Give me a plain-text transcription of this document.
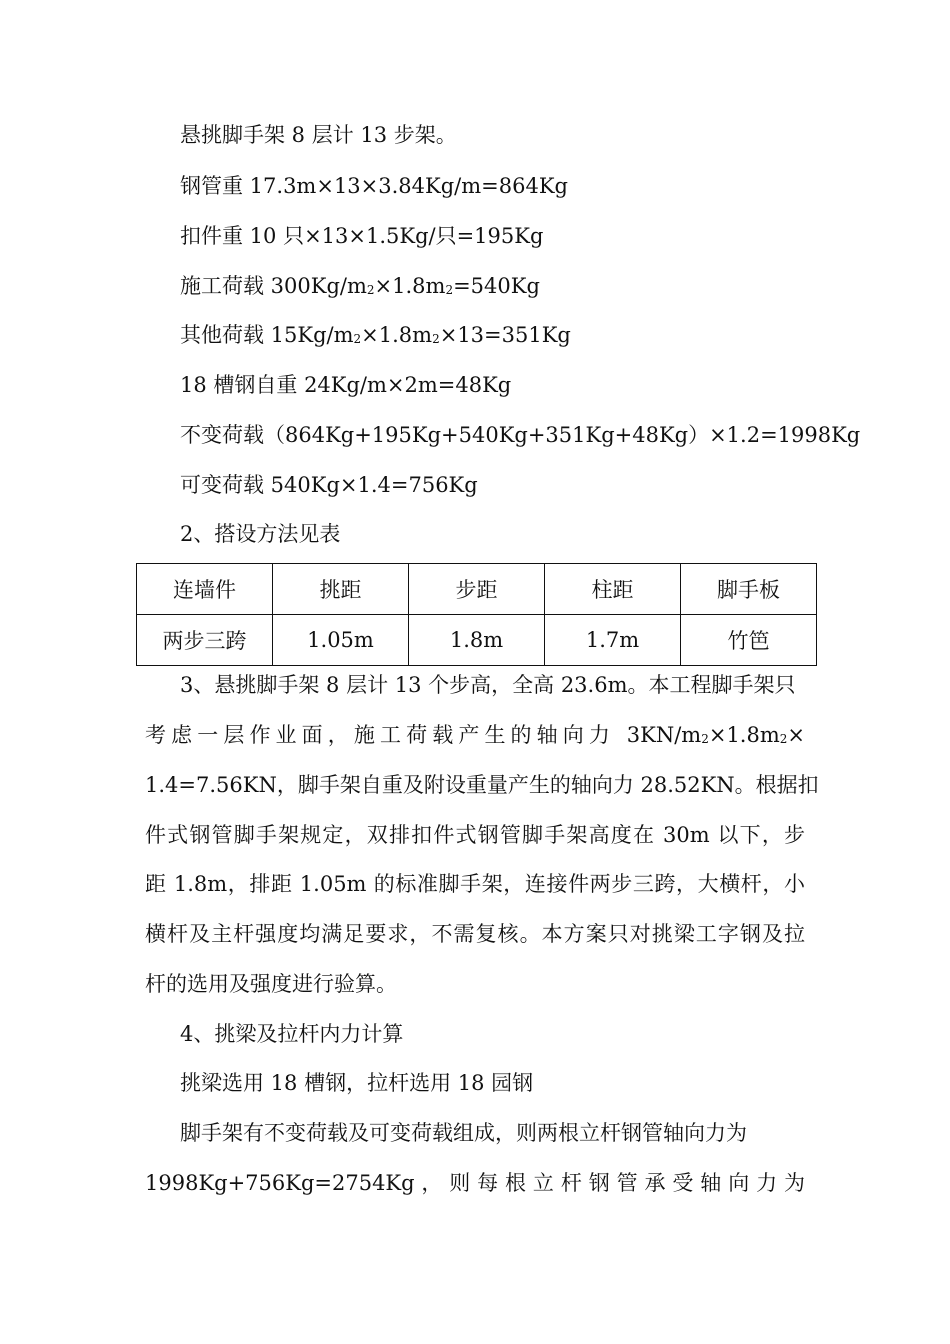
悬挑脚手架 8 层计 13 步架。
钢管重 17.3m×13×3.84Kg/m=864Kg
扣件重 10 只×13×1.5Kg/只=195Kg
施工荷载 $300Kg/m_2\times 1.8m_2=540Kg$
其他荷载 $15Kg/m_2\times 1.8m_2\times 13=351Kg$
18 槽钢自重 24Kg/m×2m=48Kg
不变荷载（864Kg+195Kg+540Kg+351Kg+48Kg）×1.2=1998Kg
可变荷载 540Kg×1.4=756Kg
2、搭设方法见表
连墙件	挑距	步距	柱距	脚手板
两步三跨	1.05m	1.8m	1.7m	竹笆
3、悬挑脚手架 8 层计 13 个步高，全高 23.6m。本工程脚手架只
考虑一层作业面，施工荷载产生的轴向力 $3KN/m_2\times 1.8m_2\times$
1.4=7.56KN，脚手架自重及附设重量产生的轴向力 28.52KN。根据扣
件式钢管脚手架规定，双排扣件式钢管脚手架高度在 30m 以下，步
距 1.8m，排距 1.05m 的标准脚手架，连接件两步三跨，大横杆，小
横杆及主杆强度均满足要求，不需复核。本方案只对挑梁工字钢及拉
杆的选用及强度进行验算。
4、挑梁及拉杆内力计算
挑梁选用 18 槽钢，拉杆选用 18 园钢
脚手架有不变荷载及可变荷载组成，则两根立杆钢管轴向力为
1998Kg+756Kg=2754Kg ， 则 每 根 立 杆 钢 管 承 受 轴 向 力 为
